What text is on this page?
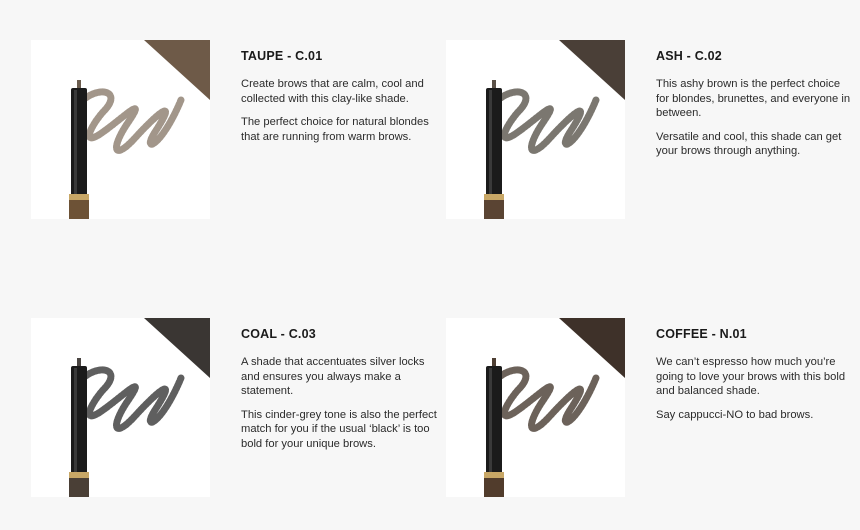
TAUPE - C.01

Create brows that are calm, cool and collected with this clay-like shade.

The perfect choice for natural blondes that are running from warm brows.

ASH - C.02

This ashy brown is the perfect choice for blondes, brunettes, and everyone in between.

Versatile and cool, this shade can get your brows through anything.

COAL - C.03

A shade that accentuates silver locks and ensures you always make a statement.

This cinder-grey tone is also the perfect match for you if the usual ‘black’ is too bold for your unique brows.

COFFEE - N.01

We can’t espresso how much you’re going to love your brows with this bold and balanced shade.

Say cappucci-NO to bad brows.
